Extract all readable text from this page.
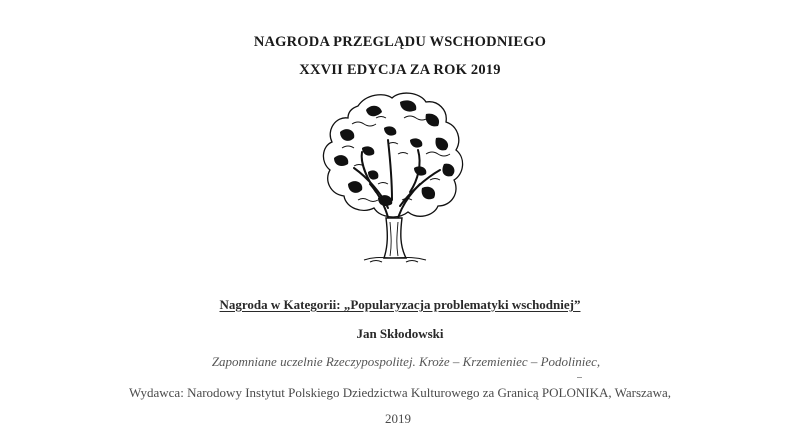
NAGRODA PRZEGLĄDU WSCHODNIEGO
XXVII EDYCJA ZA ROK 2019
Nagroda w Kategorii: „Popularyzacja problematyki wschodniej”
Jan Skłodowski
Zapomniane uczelnie Rzeczypospolitej. Kroże – Krzemieniec – Podoliniec,
Wydawca: Narodowy Instytut Polskiego Dziedzictwa Kulturowego za Granicą POLONIKA, Warszawa,
2019
